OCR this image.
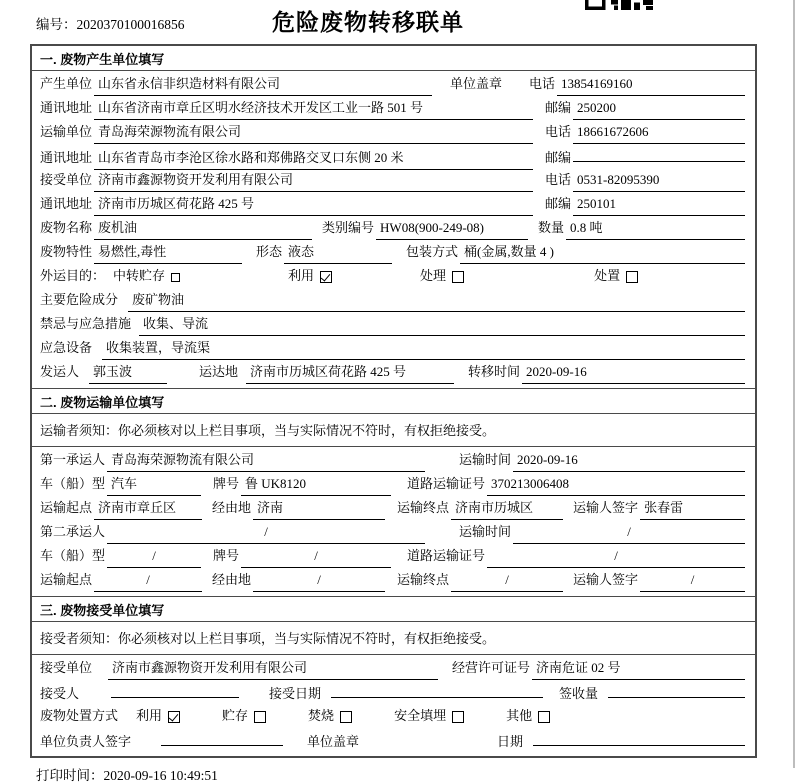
编号：2020370100016856	危险废物转移联单
一. 废物产生单位填写
产生单位 山东省永信非织造材料有限公司	单位盖章 电话 13854169160
通讯地址 山东省济南市章丘区明水经济技术开发区工业一路 501 号	邮编 250200
运输单位 青岛海荣源物流有限公司	电话 18661672606
通讯地址 山东省青岛市李沧区徐水路和郑佛路交叉口东侧 20 米	邮编
接受单位 济南市鑫源物资开发利用有限公司	电话 0531-82095390
通讯地址 济南市历城区荷花路 425 号	邮编 250101
废物名称 废机油	类别编号 HW08(900-249-08)	数量 0.8 吨
废物特性 易燃性,毒性	形态 液态	包装方式 桶(金属,数量 4 )
外运目的： 中转贮存	利用	处理	处置
主要危险成分	废矿物油
禁忌与应急措施 收集、导流
应急设备	收集装置，导流渠
发运人	郭玉波	运达地 济南市历城区荷花路 425 号	转移时间 2020-09-16
二. 废物运输单位填写
运输者须知：你必须核对以上栏目事项，当与实际情况不符时，有权拒绝接受。
第一承运人 青岛海荣源物流有限公司	运输时间 2020-09-16
车（船）型 汽车	牌号 鲁 UK8120	道路运输证号 370213006408
运输起点 济南市章丘区	经由地 济南	运输终点 济南市历城区	运输人签字 张春雷
第二承运人	/	运输时间	/
车（船）型	/	牌号	/	道路运输证号	/
运输起点	/	经由地	/	运输终点	/	运输人签字	/
三. 废物接受单位填写
接受者须知：你必须核对以上栏目事项，当与实际情况不符时，有权拒绝接受。
接受单位	济南市鑫源物资开发利用有限公司	经营许可证号 济南危证 02 号
接受人	接受日期	签收量
废物处置方式 利用	贮存	焚烧	安全填埋	其他
单位负责人签字	单位盖章	日期
打印时间：2020-09-16 10:49:51
